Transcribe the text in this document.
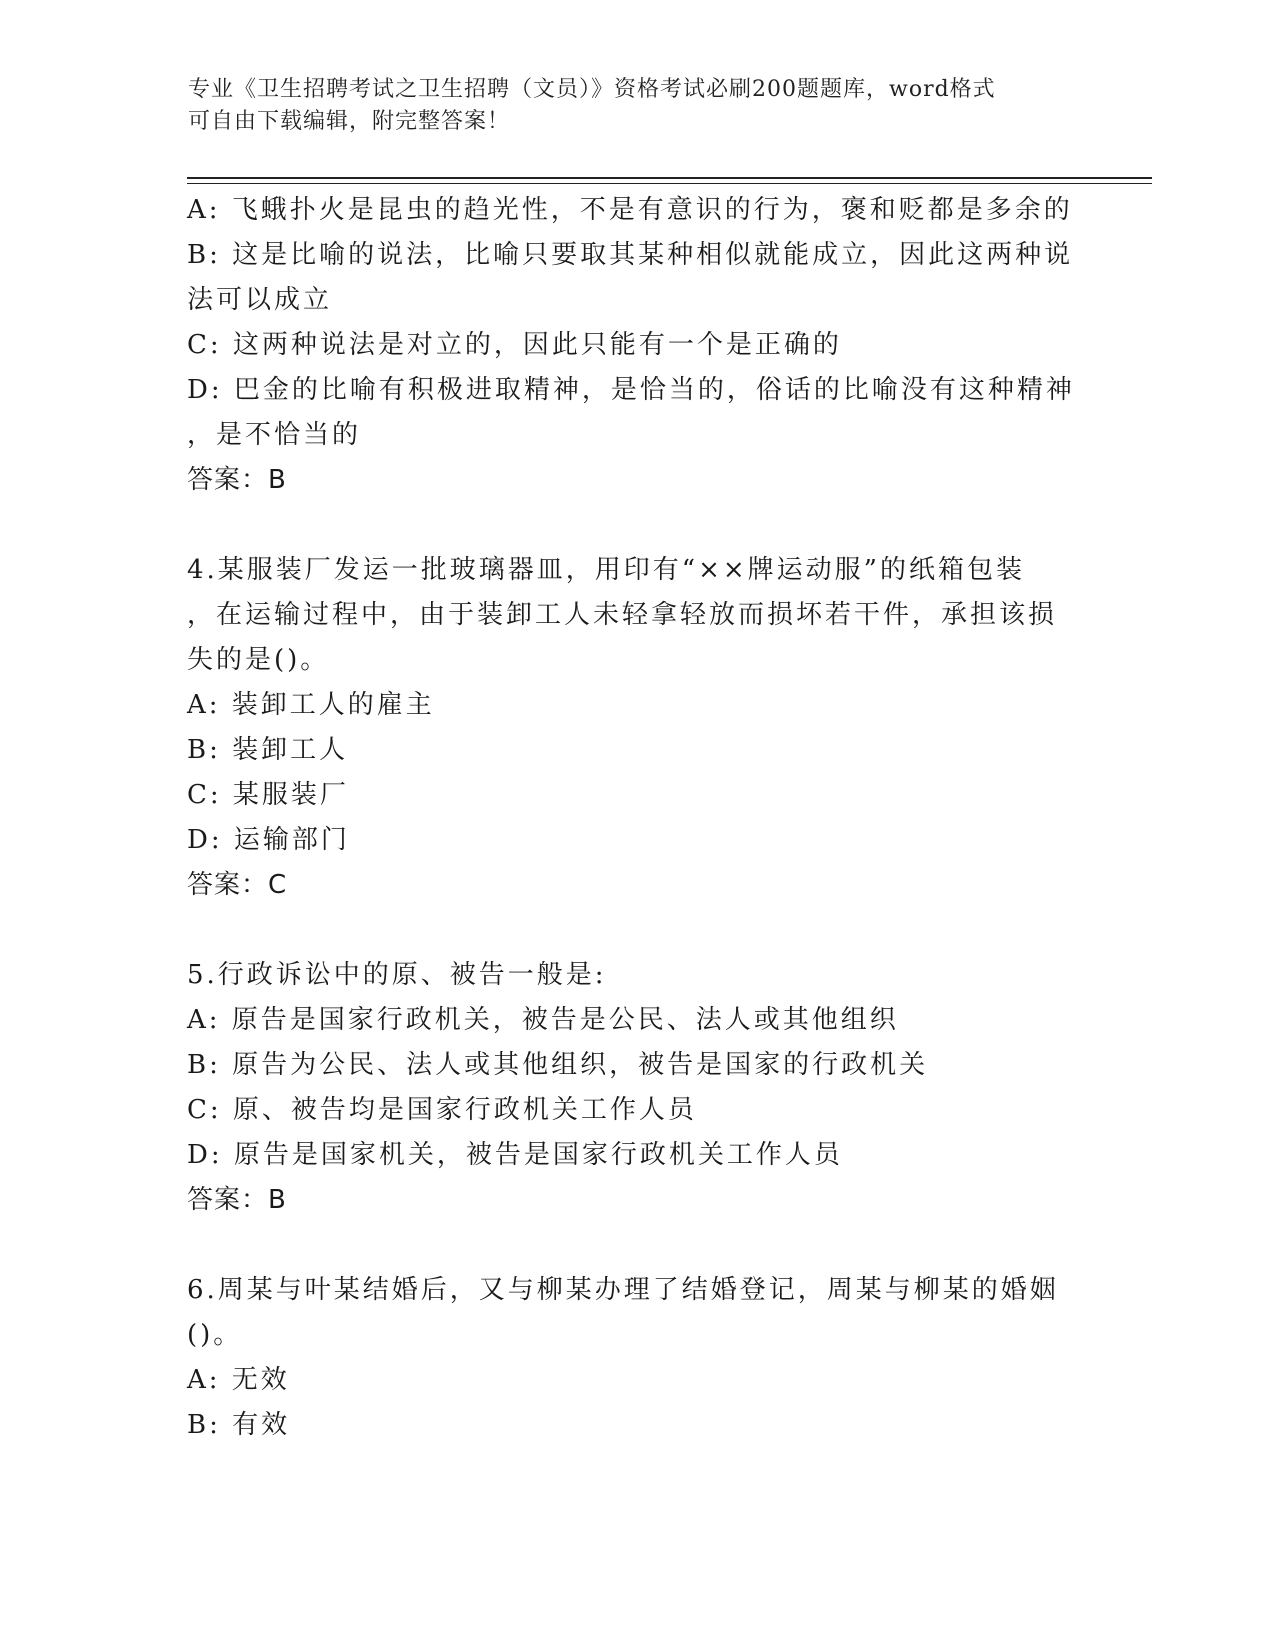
专业《卫生招聘考试之卫生招聘（文员）》资格考试必刷200题题库，word格式
可自由下载编辑，附完整答案！
A: 飞蛾扑火是昆虫的趋光性，不是有意识的行为，褒和贬都是多余的
B: 这是比喻的说法，比喻只要取其某种相似就能成立，因此这两种说
法可以成立
C: 这两种说法是对立的，因此只能有一个是正确的
D: 巴金的比喻有积极进取精神，是恰当的，俗话的比喻没有这种精神
，是不恰当的
答案：B
4.某服装厂发运一批玻璃器皿，用印有“××牌运动服”的纸箱包装
，在运输过程中，由于装卸工人未轻拿轻放而损坏若干件，承担该损
失的是()。
A: 装卸工人的雇主
B: 装卸工人
C: 某服装厂
D: 运输部门
答案：C
5.行政诉讼中的原、被告一般是:
A: 原告是国家行政机关，被告是公民、法人或其他组织
B: 原告为公民、法人或其他组织，被告是国家的行政机关
C: 原、被告均是国家行政机关工作人员
D: 原告是国家机关，被告是国家行政机关工作人员
答案：B
6.周某与叶某结婚后，又与柳某办理了结婚登记，周某与柳某的婚姻
()。
A: 无效
B: 有效
